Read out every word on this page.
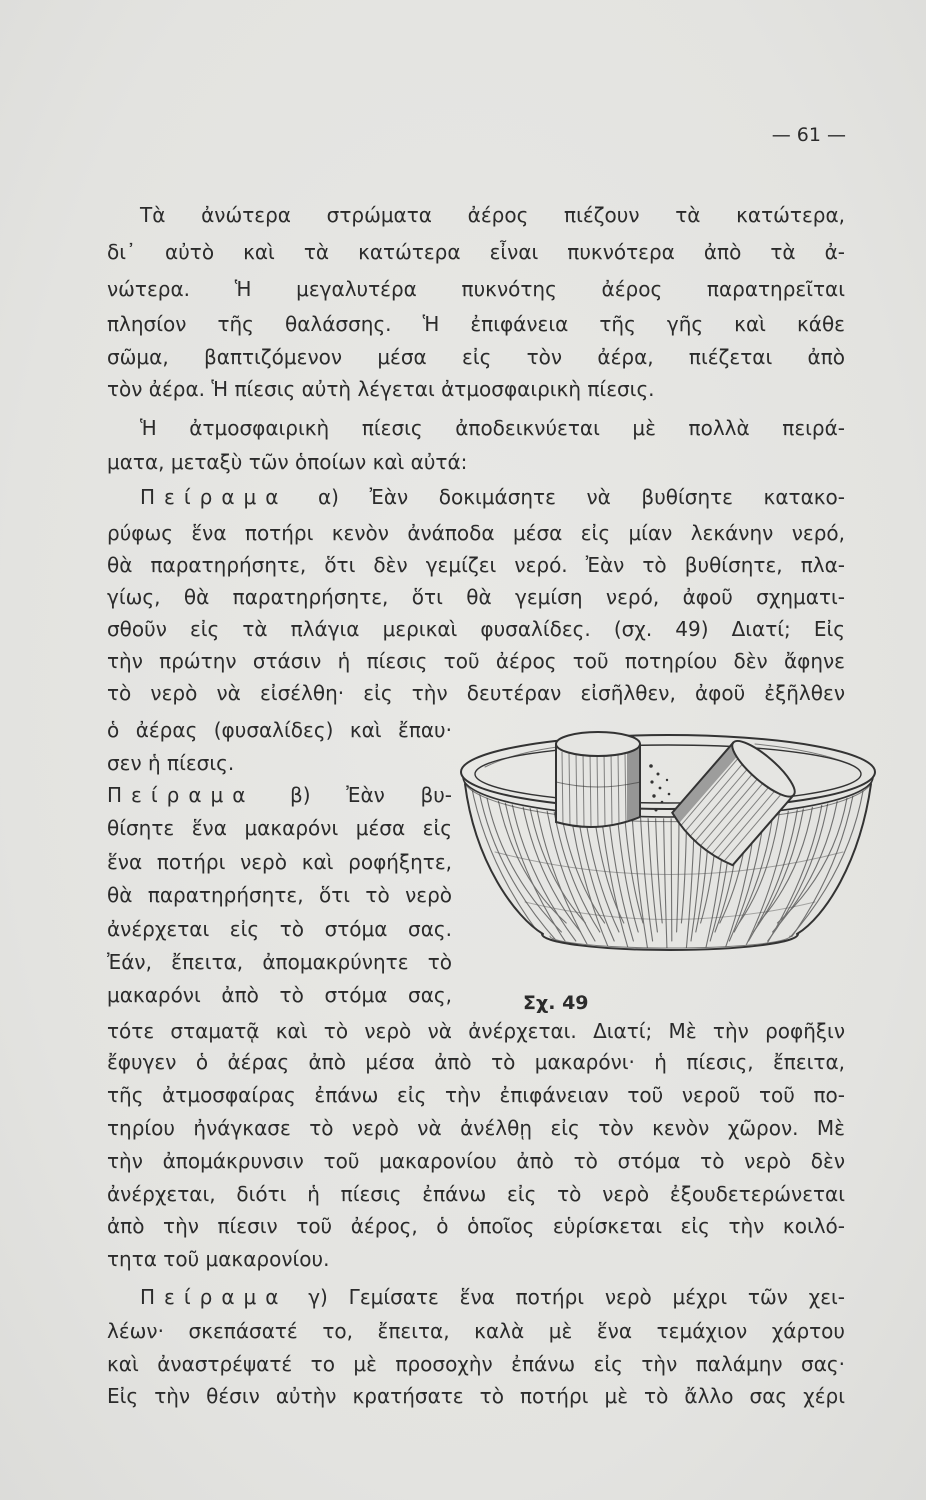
— 61 —
Τὰ ἀνώτερα στρώματα ἀέρος πιέζουν τὰ κατώτερα,
δι᾽ αὐτὸ καὶ τὰ κατώτερα εἶναι πυκνότερα ἀπὸ τὰ ἀ-
νώτερα. Ἡ μεγαλυτέρα πυκνότης ἀέρος παρατηρεῖται
πλησίον τῆς θαλάσσης. Ἡ ἐπιφάνεια τῆς γῆς καὶ κάθε
σῶμα, βαπτιζόμενον μέσα εἰς τὸν ἀέρα, πιέζεται ἀπὸ
τὸν ἀέρα. Ἡ πίεσις αὐτὴ λέγεται ἀτμοσφαιρικὴ πίεσις.
Ἡ ἀτμοσφαιρικὴ πίεσις ἀποδεικνύεται μὲ πολλὰ πειρά-
ματα, μεταξὺ τῶν ὁποίων καὶ αὐτά:
Πείραμα α) Ἐὰν δοκιμάσητε νὰ βυθίσητε κατακο-
ρύφως ἕνα ποτήρι κενὸν ἀνάποδα μέσα εἰς μίαν λεκάνην νερό,
θὰ παρατηρήσητε, ὅτι δὲν γεμίζει νερό. Ἐὰν τὸ βυθίσητε, πλα-
γίως, θὰ παρατηρήσητε, ὅτι θὰ γεμίση νερό, ἀφοῦ σχηματι-
σθοῦν εἰς τὰ πλάγια μερικαὶ φυσαλίδες. (σχ. 49) Διατί; Εἰς
τὴν πρώτην στάσιν ἡ πίεσις τοῦ ἀέρος τοῦ ποτηρίου δὲν ἄφηνε
τὸ νερὸ νὰ εἰσέλθη· εἰς τὴν δευτέραν εἰσῆλθεν, ἀφοῦ ἐξῆλθεν
ὁ ἀέρας (φυσαλίδες) καὶ ἔπαυ·
σεν ἡ πίεσις.
Πείραμα β) Ἐὰν βυ-
θίσητε ἕνα μακαρόνι μέσα εἰς
ἕνα ποτήρι νερὸ καὶ ροφήξητε,
θὰ παρατηρήσητε, ὅτι τὸ νερὸ
ἀνέρχεται εἰς τὸ στόμα σας.
Ἐάν, ἔπειτα, ἀπομακρύνητε τὸ
μακαρόνι ἀπὸ τὸ στόμα σας,
τότε σταματᾷ καὶ τὸ νερὸ νὰ ἀνέρχεται. Διατί; Μὲ τὴν ροφῆξιν
ἔφυγεν ὁ ἀέρας ἀπὸ μέσα ἀπὸ τὸ μακαρόνι· ἡ πίεσις, ἔπειτα,
τῆς ἀτμοσφαίρας ἐπάνω εἰς τὴν ἐπιφάνειαν τοῦ νεροῦ τοῦ πο-
τηρίου ἠνάγκασε τὸ νερὸ νὰ ἀνέλθῃ εἰς τὸν κενὸν χῶρον. Μὲ
τὴν ἀπομάκρυνσιν τοῦ μακαρονίου ἀπὸ τὸ στόμα τὸ νερὸ δὲν
ἀνέρχεται, διότι ἡ πίεσις ἐπάνω εἰς τὸ νερὸ ἐξουδετερώνεται
ἀπὸ τὴν πίεσιν τοῦ ἀέρος, ὁ ὁποῖος εὑρίσκεται εἰς τὴν κοιλό-
τητα τοῦ μακαρονίου.
Πείραμα γ) Γεμίσατε ἕνα ποτήρι νερὸ μέχρι τῶν χει-
λέων· σκεπάσατέ το, ἔπειτα, καλὰ μὲ ἕνα τεμάχιον χάρτου
καὶ ἀναστρέψατέ το μὲ προσοχὴν ἐπάνω εἰς τὴν παλάμην σας·
Εἰς τὴν θέσιν αὐτὴν κρατήσατε τὸ ποτήρι μὲ τὸ ἄλλο σας χέρι
Σχ. 49
